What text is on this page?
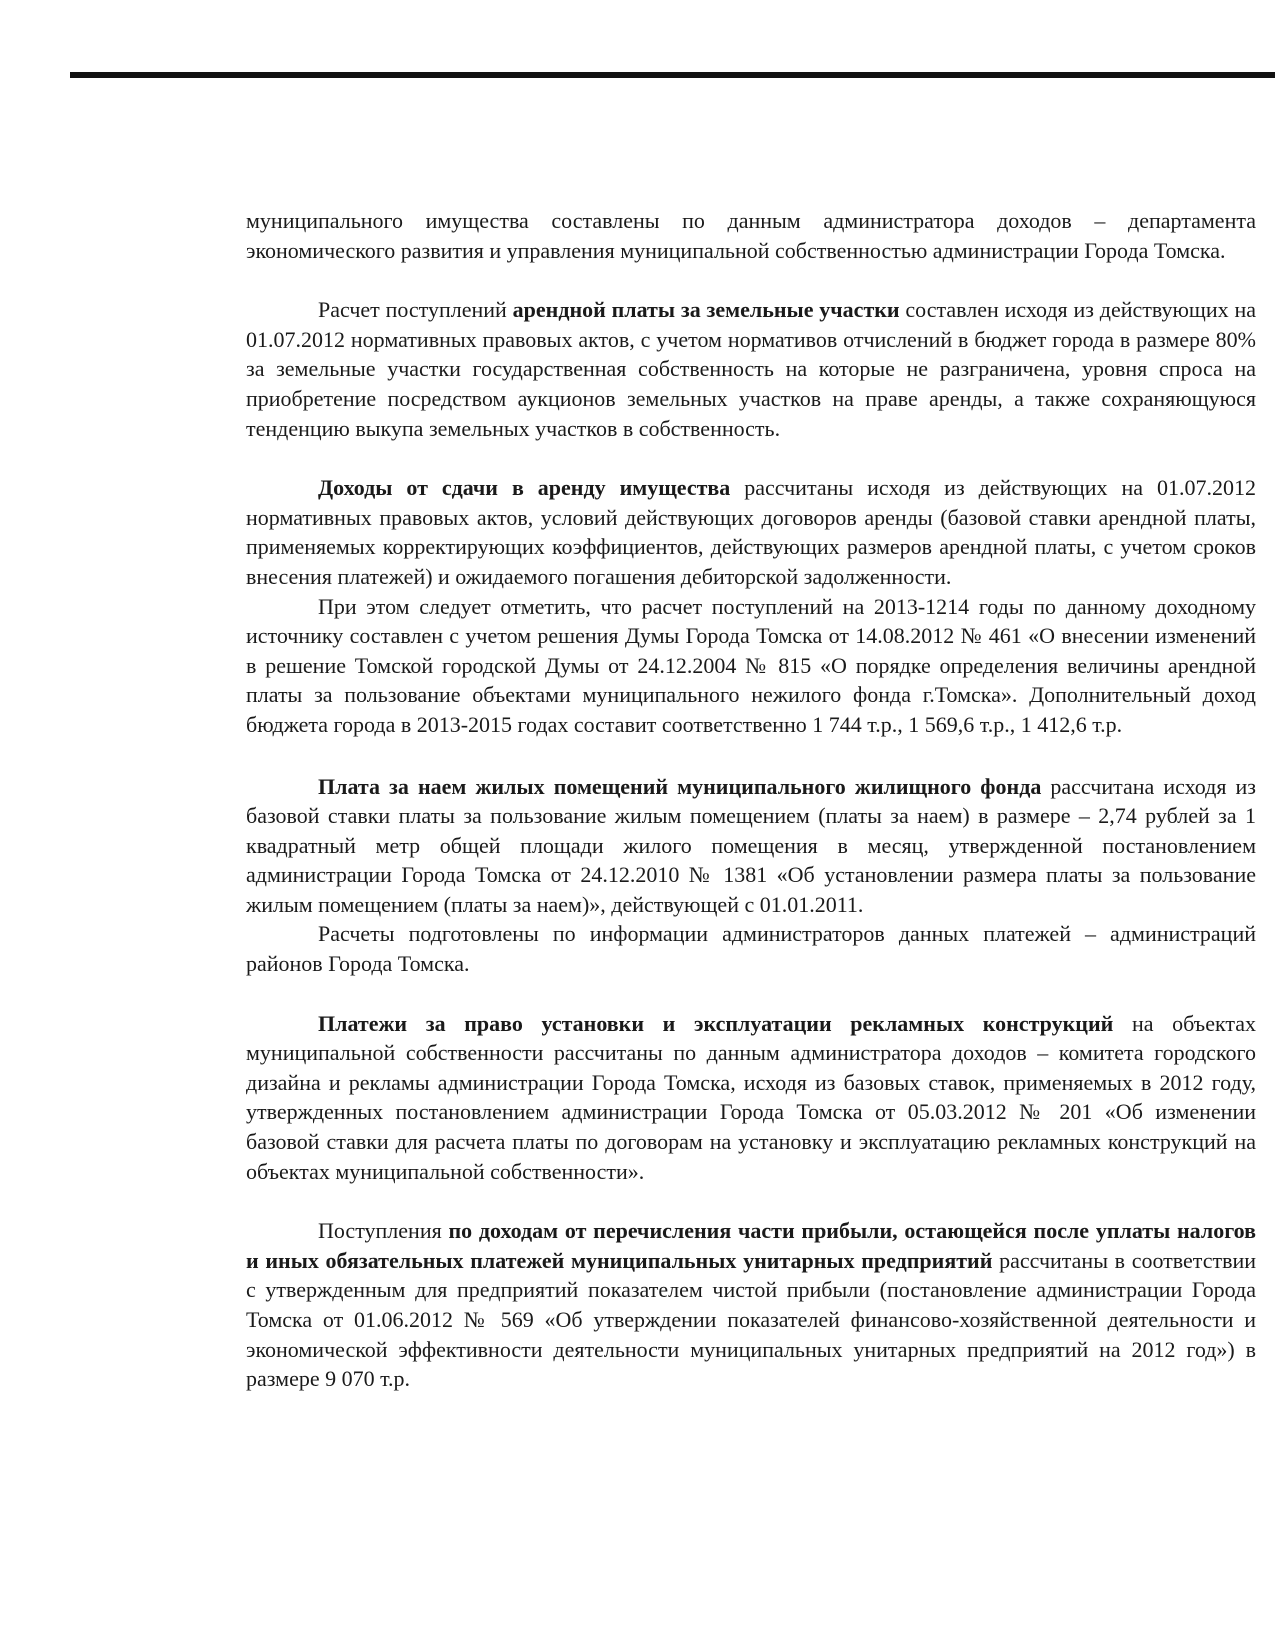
муниципального имущества составлены по данным администратора доходов – департамента экономического развития и управления муниципальной собственностью администрации Города Томска.

Расчет поступлений арендной платы за земельные участки составлен исходя из действующих на 01.07.2012 нормативных правовых актов, с учетом нормативов отчислений в бюджет города в размере 80% за земельные участки государственная собственность на которые не разграничена, уровня спроса на приобретение посредством аукционов земельных участков на праве аренды, а также сохраняющуюся тенденцию выкупа земельных участков в собственность.

Доходы от сдачи в аренду имущества рассчитаны исходя из действующих на 01.07.2012 нормативных правовых актов, условий действующих договоров аренды (базовой ставки арендной платы, применяемых корректирующих коэффициентов, действующих размеров арендной платы, с учетом сроков внесения платежей) и ожидаемого погашения дебиторской задолженности.

При этом следует отметить, что расчет поступлений на 2013-1214 годы по данному доходному источнику составлен с учетом решения Думы Города Томска от 14.08.2012 № 461 «О внесении изменений в решение Томской городской Думы от 24.12.2004 № 815 «О порядке определения величины арендной платы за пользование объектами муниципального нежилого фонда г.Томска». Дополнительный доход бюджета города в 2013-2015 годах составит соответственно 1 744 т.р., 1 569,6 т.р., 1 412,6 т.р.

Плата за наем жилых помещений муниципального жилищного фонда рассчитана исходя из базовой ставки платы за пользование жилым помещением (платы за наем) в размере – 2,74 рублей за 1 квадратный метр общей площади жилого помещения в месяц, утвержденной постановлением администрации Города Томска от 24.12.2010 № 1381 «Об установлении размера платы за пользование жилым помещением (платы за наем)», действующей с 01.01.2011.

Расчеты подготовлены по информации администраторов данных платежей – администраций районов Города Томска.

Платежи за право установки и эксплуатации рекламных конструкций на объектах муниципальной собственности рассчитаны по данным администратора доходов – комитета городского дизайна и рекламы администрации Города Томска, исходя из базовых ставок, применяемых в 2012 году, утвержденных постановлением администрации Города Томска от 05.03.2012 № 201 «Об изменении базовой ставки для расчета платы по договорам на установку и эксплуатацию рекламных конструкций на объектах муниципальной собственности».

Поступления по доходам от перечисления части прибыли, остающейся после уплаты налогов и иных обязательных платежей муниципальных унитарных предприятий рассчитаны в соответствии с утвержденным для предприятий показателем чистой прибыли (постановление администрации Города Томска от 01.06.2012 № 569 «Об утверждении показателей финансово-хозяйственной деятельности и экономической эффективности деятельности муниципальных унитарных предприятий на 2012 год») в размере 9 070 т.р.
